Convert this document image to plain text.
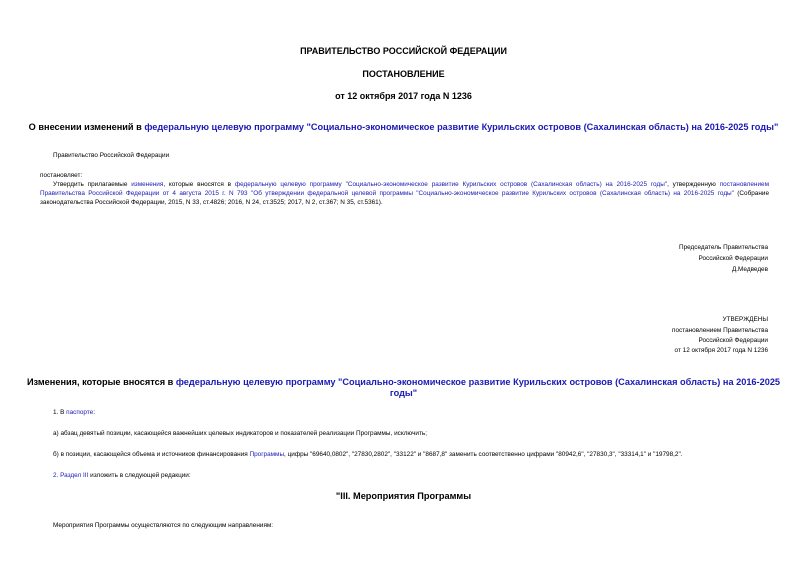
ПРАВИТЕЛЬСТВО РОССИЙСКОЙ ФЕДЕРАЦИИ
ПОСТАНОВЛЕНИЕ
от 12 октября 2017 года N 1236
О внесении изменений в федеральную целевую программу "Социально-экономическое развитие Курильских островов (Сахалинская область) на 2016-2025 годы"
Правительство Российской Федерации
постановляет:
Утвердить прилагаемые изменения, которые вносятся в федеральную целевую программу "Социально-экономическое развитие Курильских островов (Сахалинская область) на 2016-2025 годы", утвержденную постановлением Правительства Российской Федерации от 4 августа 2015 г. N 793 "Об утверждении федеральной целевой программы "Социально-экономическое развитие Курильских островов (Сахалинская область) на 2016-2025 годы" (Собрание законодательства Российской Федерации, 2015, N 33, ст.4826; 2016, N 24, ст.3525; 2017, N 2, ст.367; N 35, ст.5361).
Председатель Правительства
Российской Федерации
Д.Медведев
УТВЕРЖДЕНЫ
постановлением Правительства
Российской Федерации
от 12 октября 2017 года N 1236
Изменения, которые вносятся в федеральную целевую программу "Социально-экономическое развитие Курильских островов (Сахалинская область) на 2016-2025
годы"
1. В паспорте:
а) абзац девятый позиции, касающейся важнейших целевых индикаторов и показателей реализации Программы, исключить;
б) в позиции, касающейся объема и источников финансирования Программы, цифры "69640,0802", "27830,2802", "33122" и "8687,8" заменить соответственно цифрами "80942,6", "27830,3", "33314,1" и "19798,2".
2. Раздел III изложить в следующей редакции:
"III. Мероприятия Программы
Мероприятия Программы осуществляются по следующим направлениям:
